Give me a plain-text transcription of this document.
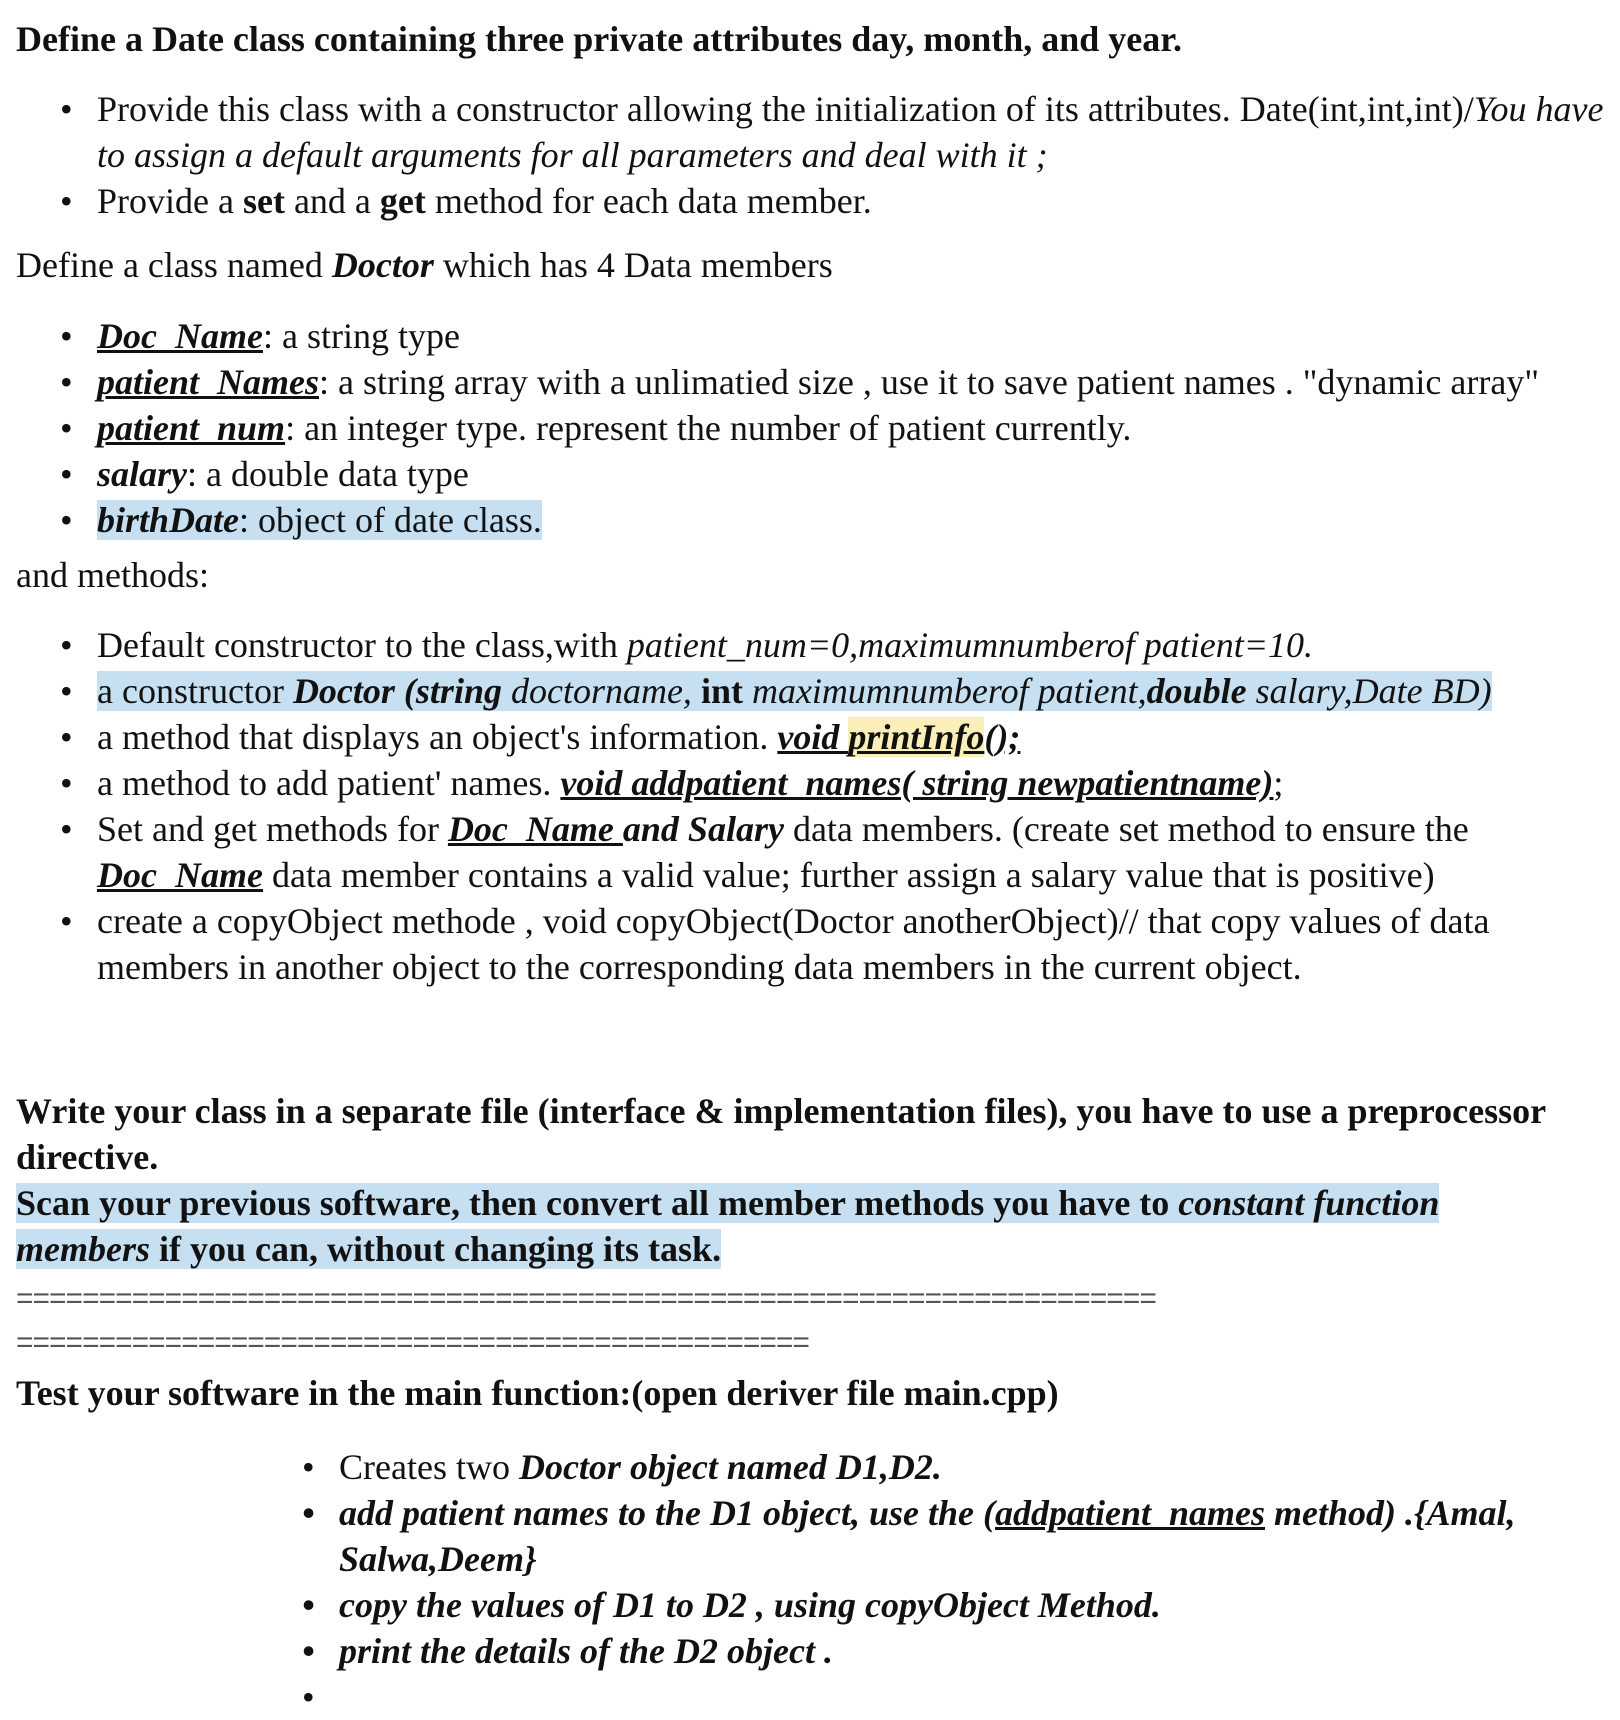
Define a Date class containing three private attributes day, month, and year.

• Provide this class with a constructor allowing the initialization of its attributes. Date(int,int,int)/You have to assign a default arguments for all parameters and deal with it ;
• Provide a set and a get method for each data member.

Define a class named Doctor which has 4 Data members

• Doc_Name: a string type
• patient_Names: a string array with a unlimatied size , use it to save patient names . "dynamic array"
• patient_num: an integer type. represent the number of patient currently.
• salary: a double data type
• birthDate: object of date class.

and methods:

• Default constructor to the class,with patient_num=0,maximumnumberof patient=10.
• a constructor Doctor (string doctorname, int maximumnumberof patient,double salary,Date BD)
• a method that displays an object's information. void printInfo();
• a method to add patient' names. void addpatient_names( string newpatientname);
• Set and get methods for Doc_Name and Salary data members. (create set method to ensure the Doc_Name data member contains a valid value; further assign a salary value that is positive)
• create a copyObject methode , void copyObject(Doctor anotherObject)// that copy values of data members in another object to the corresponding data members in the current object.

Write your class in a separate file (interface & implementation files), you have to use a preprocessor directive.

Scan your previous software, then convert all member methods you have to constant function members if you can, without changing its task.

=====================================================================
================================================

Test your software in the main function:(open deriver file main.cpp)

• Creates two Doctor object named D1,D2.
• add patient names to the D1 object, use the (addpatient_names method) .{Amal, Salwa,Deem}
• copy the values of D1 to D2 , using copyObject Method.
• print the details of the D2 object .
•
